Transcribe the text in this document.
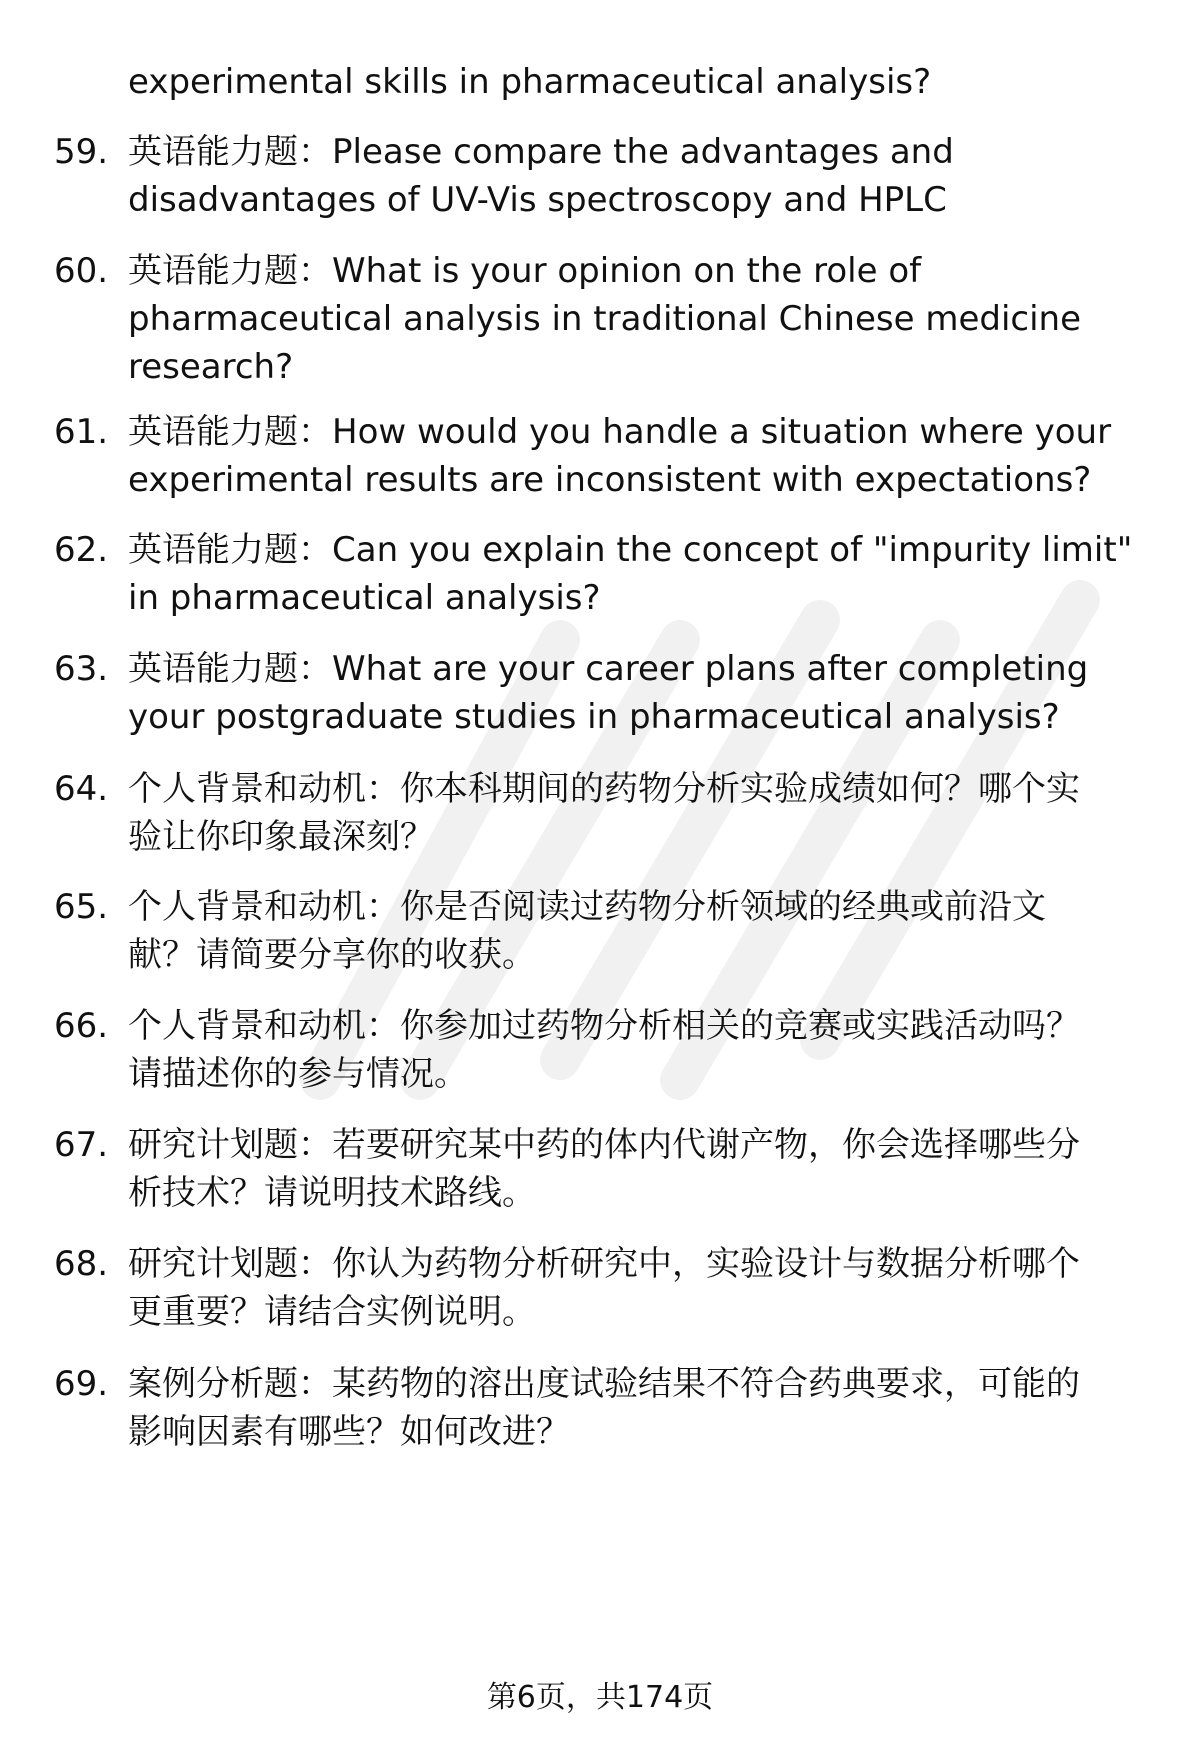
experimental skills in pharmaceutical analysis?
59. 英语能力题：Please compare the advantages and
disadvantages of UV-Vis spectroscopy and HPLC
60. 英语能力题：What is your opinion on the role of
pharmaceutical analysis in traditional Chinese medicine
research?
61. 英语能力题：How would you handle a situation where your
experimental results are inconsistent with expectations?
62. 英语能力题：Can you explain the concept of "impurity limit"
in pharmaceutical analysis?
63. 英语能力题：What are your career plans after completing
your postgraduate studies in pharmaceutical analysis?
64. 个人背景和动机：你本科期间的药物分析实验成绩如何？哪个实
验让你印象最深刻？
65. 个人背景和动机：你是否阅读过药物分析领域的经典或前沿文
献？请简要分享你的收获。
66. 个人背景和动机：你参加过药物分析相关的竞赛或实践活动吗？
请描述你的参与情况。
67. 研究计划题：若要研究某中药的体内代谢产物，你会选择哪些分
析技术？请说明技术路线。
68. 研究计划题：你认为药物分析研究中，实验设计与数据分析哪个
更重要？请结合实例说明。
69. 案例分析题：某药物的溶出度试验结果不符合药典要求，可能的
影响因素有哪些？如何改进？
第6页，共174页
